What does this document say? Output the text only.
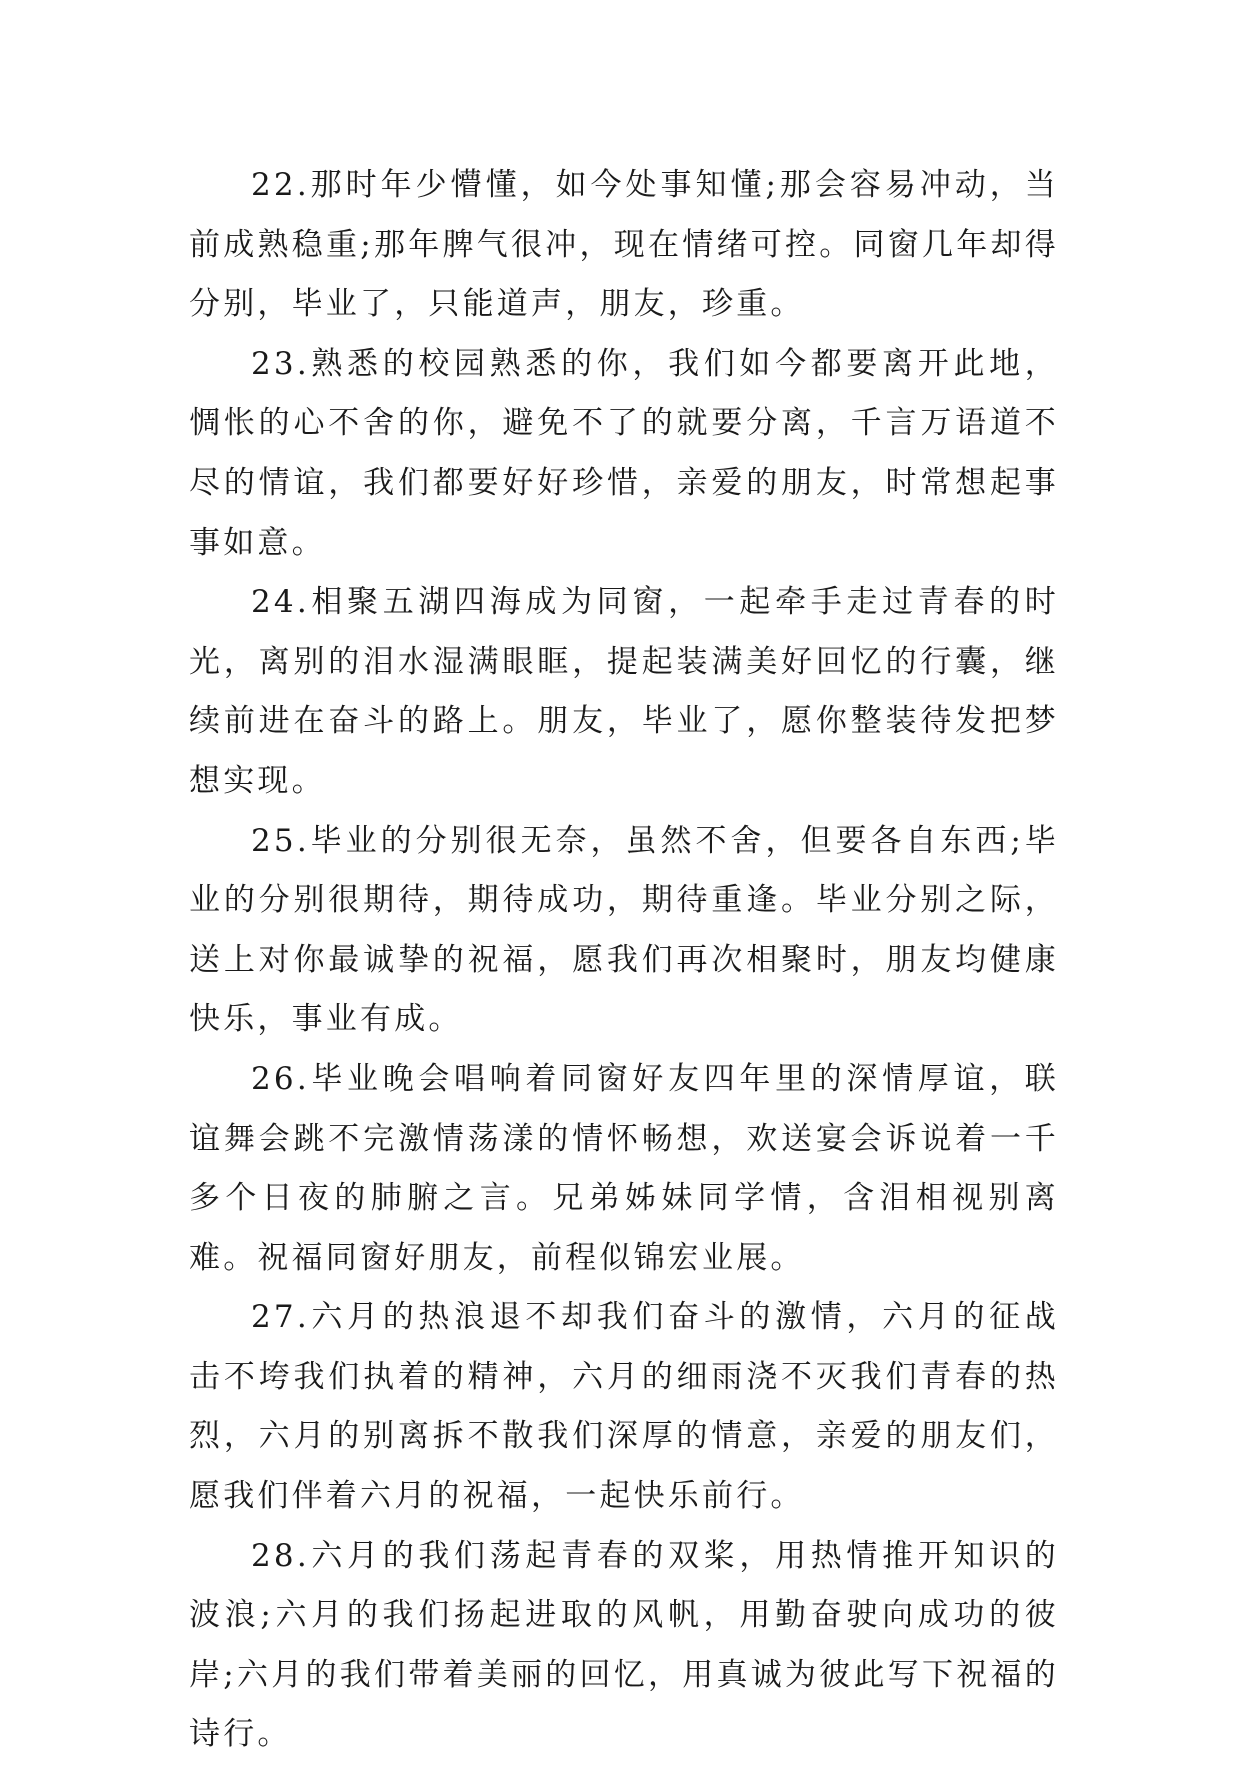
22.那时年少懵懂，如今处事知懂;那会容易冲动，当前成熟稳重;那年脾气很冲，现在情绪可控。同窗几年却得分别，毕业了，只能道声，朋友，珍重。

23.熟悉的校园熟悉的你，我们如今都要离开此地，惆怅的心不舍的你，避免不了的就要分离，千言万语道不尽的情谊，我们都要好好珍惜，亲爱的朋友，时常想起事事如意。

24.相聚五湖四海成为同窗，一起牵手走过青春的时光，离别的泪水湿满眼眶，提起装满美好回忆的行囊，继续前进在奋斗的路上。朋友，毕业了，愿你整装待发把梦想实现。

25.毕业的分别很无奈，虽然不舍，但要各自东西;毕业的分别很期待，期待成功，期待重逢。毕业分别之际，送上对你最诚挚的祝福，愿我们再次相聚时，朋友均健康快乐，事业有成。

26.毕业晚会唱响着同窗好友四年里的深情厚谊，联谊舞会跳不完激情荡漾的情怀畅想，欢送宴会诉说着一千多个日夜的肺腑之言。兄弟姊妹同学情，含泪相视别离难。祝福同窗好朋友，前程似锦宏业展。

27.六月的热浪退不却我们奋斗的激情，六月的征战击不垮我们执着的精神，六月的细雨浇不灭我们青春的热烈，六月的别离拆不散我们深厚的情意，亲爱的朋友们，愿我们伴着六月的祝福，一起快乐前行。

28.六月的我们荡起青春的双桨，用热情推开知识的波浪;六月的我们扬起进取的风帆，用勤奋驶向成功的彼岸;六月的我们带着美丽的回忆，用真诚为彼此写下祝福的诗行。
